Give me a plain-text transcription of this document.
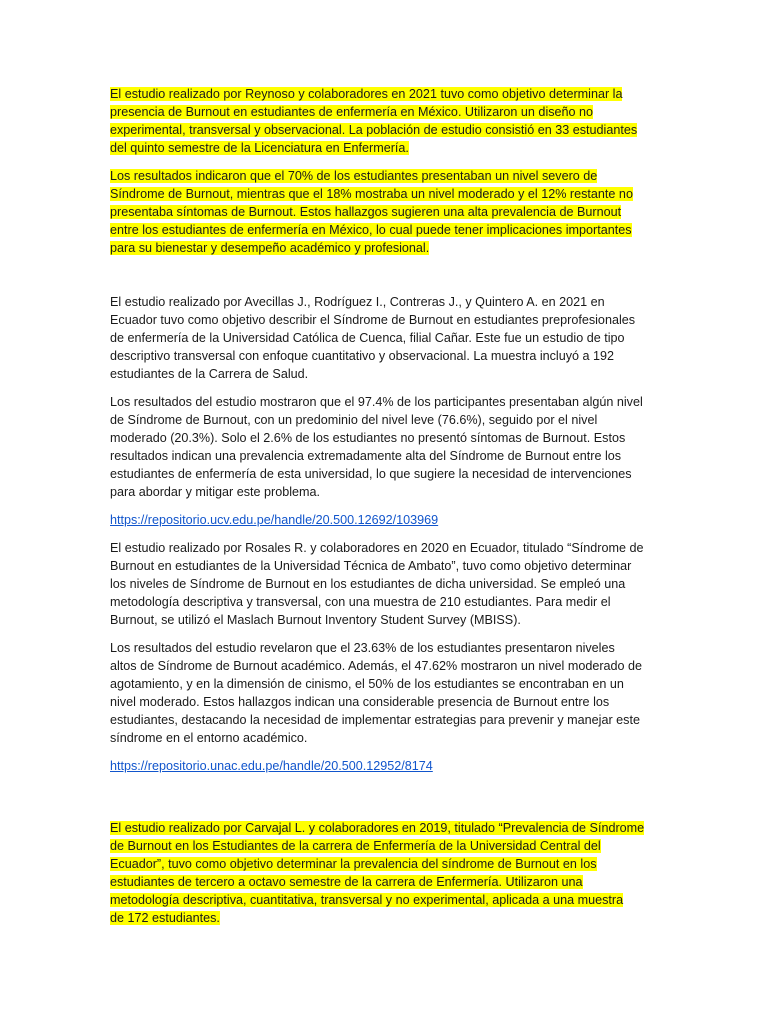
El estudio realizado por Reynoso y colaboradores en 2021 tuvo como objetivo determinar la
presencia de Burnout en estudiantes de enfermería en México. Utilizaron un diseño no
experimental, transversal y observacional. La población de estudio consistió en 33 estudiantes
del quinto semestre de la Licenciatura en Enfermería.

Los resultados indicaron que el 70% de los estudiantes presentaban un nivel severo de
Síndrome de Burnout, mientras que el 18% mostraba un nivel moderado y el 12% restante no
presentaba síntomas de Burnout. Estos hallazgos sugieren una alta prevalencia de Burnout
entre los estudiantes de enfermería en México, lo cual puede tener implicaciones importantes
para su bienestar y desempeño académico y profesional.

El estudio realizado por Avecillas J., Rodríguez I., Contreras J., y Quintero A. en 2021 en
Ecuador tuvo como objetivo describir el Síndrome de Burnout en estudiantes preprofesionales
de enfermería de la Universidad Católica de Cuenca, filial Cañar. Este fue un estudio de tipo
descriptivo transversal con enfoque cuantitativo y observacional. La muestra incluyó a 192
estudiantes de la Carrera de Salud.

Los resultados del estudio mostraron que el 97.4% de los participantes presentaban algún nivel
de Síndrome de Burnout, con un predominio del nivel leve (76.6%), seguido por el nivel
moderado (20.3%). Solo el 2.6% de los estudiantes no presentó síntomas de Burnout. Estos
resultados indican una prevalencia extremadamente alta del Síndrome de Burnout entre los
estudiantes de enfermería de esta universidad, lo que sugiere la necesidad de intervenciones
para abordar y mitigar este problema.

https://repositorio.ucv.edu.pe/handle/20.500.12692/103969

El estudio realizado por Rosales R. y colaboradores en 2020 en Ecuador, titulado “Síndrome de
Burnout en estudiantes de la Universidad Técnica de Ambato”, tuvo como objetivo determinar
los niveles de Síndrome de Burnout en los estudiantes de dicha universidad. Se empleó una
metodología descriptiva y transversal, con una muestra de 210 estudiantes. Para medir el
Burnout, se utilizó el Maslach Burnout Inventory Student Survey (MBISS).

Los resultados del estudio revelaron que el 23.63% de los estudiantes presentaron niveles
altos de Síndrome de Burnout académico. Además, el 47.62% mostraron un nivel moderado de
agotamiento, y en la dimensión de cinismo, el 50% de los estudiantes se encontraban en un
nivel moderado. Estos hallazgos indican una considerable presencia de Burnout entre los
estudiantes, destacando la necesidad de implementar estrategias para prevenir y manejar este
síndrome en el entorno académico.

https://repositorio.unac.edu.pe/handle/20.500.12952/8174

El estudio realizado por Carvajal L. y colaboradores en 2019, titulado “Prevalencia de Síndrome
de Burnout en los Estudiantes de la carrera de Enfermería de la Universidad Central del
Ecuador”, tuvo como objetivo determinar la prevalencia del síndrome de Burnout en los
estudiantes de tercero a octavo semestre de la carrera de Enfermería. Utilizaron una
metodología descriptiva, cuantitativa, transversal y no experimental, aplicada a una muestra
de 172 estudiantes.
